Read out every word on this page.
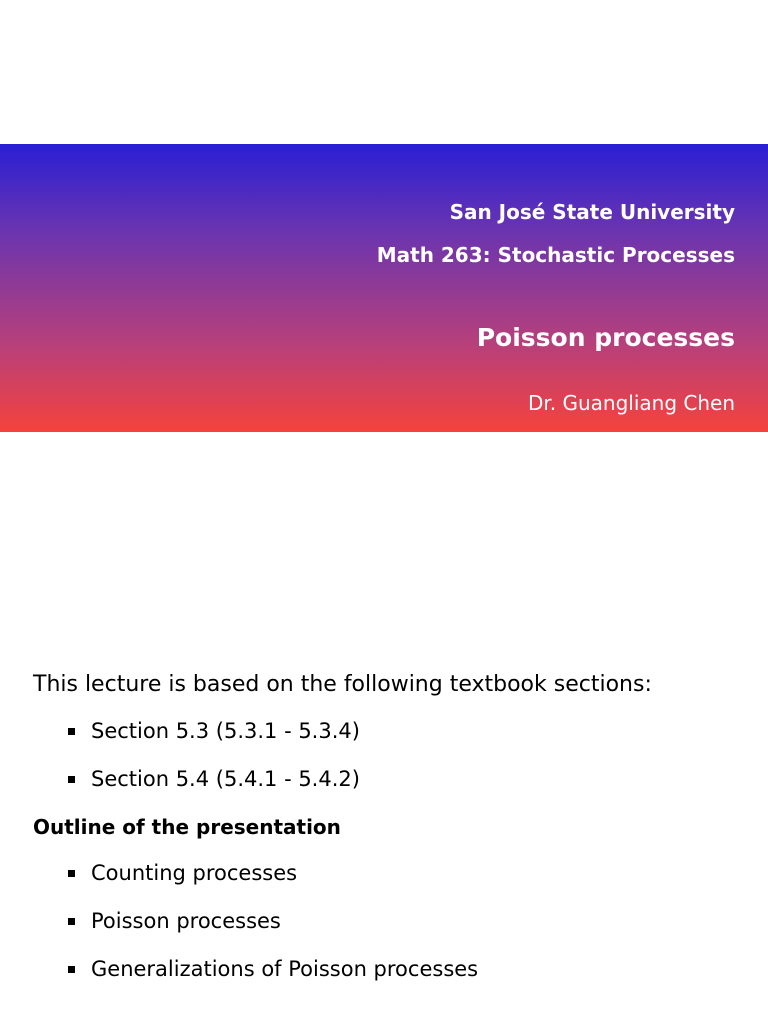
San José State University
Math 263: Stochastic Processes
Poisson processes
Dr. Guangliang Chen

This lecture is based on the following textbook sections:

Section 5.3 (5.3.1 - 5.3.4)
Section 5.4 (5.4.1 - 5.4.2)
Outline of the presentation
Counting processes
Poisson processes
Generalizations of Poisson processes
